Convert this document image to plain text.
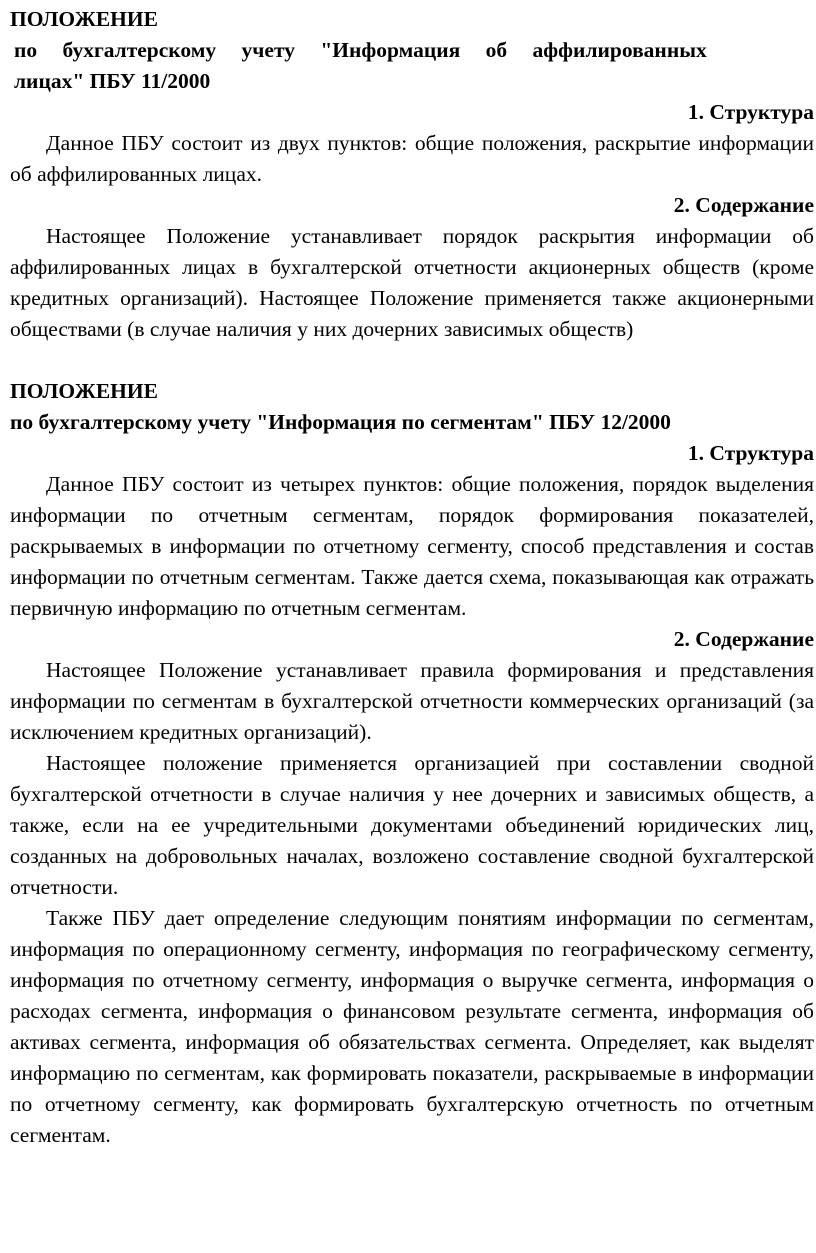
ПОЛОЖЕНИЕ
по бухгалтерскому учету "Информация об аффилированных
лицах" ПБУ 11/2000
1. Структура

Данное ПБУ состоит из двух пунктов: общие положения, раскрытие информации об аффилированных лицах.

2. Содержание

Настоящее Положение устанавливает порядок раскрытия информации об аффилированных лицах в бухгалтерской отчетности акционерных обществ (кроме кредитных организаций). Настоящее Положение применяется также акционерными обществами (в случае наличия у них дочерних зависимых обществ)

ПОЛОЖЕНИЕ
по бухгалтерскому учету "Информация по сегментам" ПБУ 12/2000
1. Структура

Данное ПБУ состоит из четырех пунктов: общие положения, порядок выделения информации по отчетным сегментам, порядок формирования показателей, раскрываемых в информации по отчетному сегменту, способ представления и состав информации по отчетным сегментам. Также дается схема, показывающая как отражать первичную информацию по отчетным сегментам.

2. Содержание

Настоящее Положение устанавливает правила формирования и представления информации по сегментам в бухгалтерской отчетности коммерческих организаций (за исключением кредитных организаций).

Настоящее положение применяется организацией при составлении сводной бухгалтерской отчетности в случае наличия у нее дочерних и зависимых обществ, а также, если на ее учредительными документами объединений юридических лиц, созданных на добровольных началах, возложено составление сводной бухгалтерской отчетности.

Также ПБУ дает определение следующим понятиям информации по сегментам, информация по операционному сегменту, информация по географическому сегменту, информация по отчетному сегменту, информация о выручке сегмента, информация о расходах сегмента, информация о финансовом результате сегмента, информация об активах сегмента, информация об обязательствах сегмента. Определяет, как выделят информацию по сегментам, как формировать показатели, раскрываемые в информации по отчетному сегменту, как формировать бухгалтерскую отчетность по отчетным сегментам.
